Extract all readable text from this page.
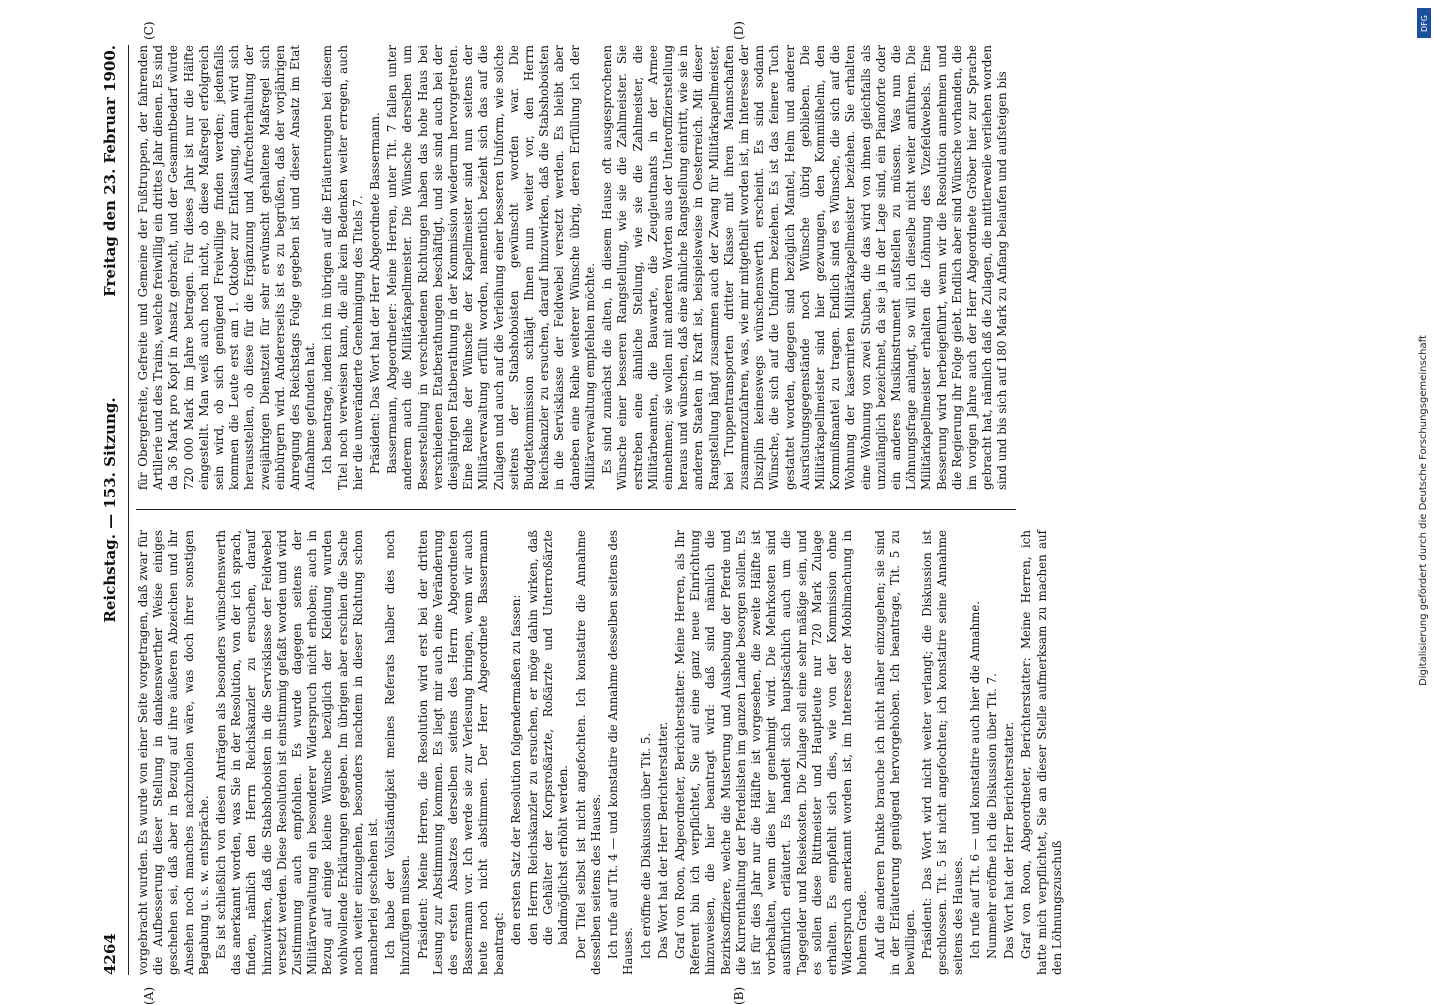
4264
Reichstag. — 153. Sitzung.
Freitag den 23. Februar 1900.

vorgebracht wurden. Es wurde von einer Seite vorgetragen, daß zwar für die Aufbesserung dieser Stellung in dankenswerther Weise einiges geschehen sei, daß aber in Bezug auf ihre äußeren Abzeichen und ihr Ansehen noch manches nachzuholen wäre, was doch ihrer sonstigen Begabung u. s. w. entspräche. Es ist schließlich von diesen Anträgen als besonders wünschenswerth das anerkannt worden, was Sie in der Resolution, von der ich sprach, finden, nämlich den Herrn Reichskanzler zu ersuchen, darauf hinzuwirken, daß die Stabshoboisten in die Servisklasse der Feldwebel versetzt werden. Diese Resolution ist einstimmig gefaßt worden und wird Zustimmung auch empfohlen. Es wurde dagegen seitens der Militärverwaltung ein besonderer Widerspruch nicht erhoben; auch in Bezug auf einige kleine Wünsche bezüglich der Kleidung wurden wohlwollende Erklärungen gegeben. Im übrigen aber erschien die Sache noch weiter einzugehen, besonders nachdem in dieser Richtung schon mancherlei geschehen ist. Ich habe der Vollständigkeit meines Referats halber dies noch hinzufügen müssen. Präsident: Meine Herren, die Resolution wird erst bei der dritten Lesung zur Abstimmung kommen. Es liegt mir auch eine Veränderung des ersten Absatzes derselben seitens des Herrn Abgeordneten Bassermann vor. Ich werde sie zur Verlesung bringen, wenn wir auch heute noch nicht abstimmen. Der Herr Abgeordnete Bassermann beantragt: den ersten Satz der Resolution folgendermaßen zu fassen: den Herrn Reichskanzler zu ersuchen, er möge dahin wirken, daß die Gehälter der Korpsroßärzte, Roßärzte und Unterroßärzte baldmöglichst erhöht werden. Der Titel selbst ist nicht angefochten. Ich konstatire die Annahme desselben seitens des Hauses. Ich rufe auf Tit. 4 — und konstatire die Annahme desselben seitens des Hauses. Ich eröffne die Diskussion über Tit. 5. Das Wort hat der Herr Berichterstatter. Graf von Roon, Abgeordneter, Berichterstatter: Meine Herren, als Ihr Referent bin ich verpflichtet, Sie auf eine ganz neue Einrichtung hinzuweisen, die hier beantragt wird: daß sind nämlich die Bezirksoffiziere, welche die Musterung und Aushebung der Pferde und die Kurrenthaltung der Pferdelisten im ganzen Lande besorgen sollen. Es ist für dies Jahr nur die Hälfte ist vorgesehen, die zweite Hälfte ist vorbehalten, wenn dies hier genehmigt wird. Die Mehrkosten sind ausführlich erläutert. Es handelt sich hauptsächlich auch um die Tagegelder und Reisekosten. Die Zulage soll eine sehr mäßige sein, und es sollen diese Rittmeister und Hauptleute nur 720 Mark Zulage erhalten. Es empfiehlt sich dies, wie von der Kommission ohne Widerspruch anerkannt worden ist, im Interesse der Mobilmachung in hohem Grade. Auf die anderen Punkte brauche ich nicht näher einzugehen; sie sind in der Erläuterung genügend hervorgehoben. Ich beantrage, Tit. 5 zu bewilligen. Präsident: Das Wort wird nicht weiter verlangt; die Diskussion ist geschlossen. Tit. 5 ist nicht angefochten; ich konstatire seine Annahme seitens des Hauses. Ich rufe auf Tit. 6 — und konstatire auch hier die Annahme. Nunmehr eröffne ich die Diskussion über Tit. 7. Das Wort hat der Herr Berichterstatter. Graf von Roon, Abgeordneter, Berichterstatter: Meine Herren, ich hatte mich verpflichtet, Sie an dieser Stelle aufmerksam zu machen auf den Löhnungszuschuß

für Obergefreite, Gefreite und Gemeine der Fußtruppen, der fahrenden Artillerie und des Trains, welche freiwillig ein drittes Jahr dienen. Es sind da 36 Mark pro Kopf in Ansatz gebracht, und der Gesammtbedarf würde 720 000 Mark im Jahre betragen. Für dieses Jahr ist nur die Hälfte eingestellt. Man weiß auch noch nicht, ob diese Maßregel erfolgreich sein wird, ob sich genügend Freiwillige finden werden; jedenfalls kommen die Leute erst am 1. Oktober zur Entlassung, dann wird sich herausstellen, ob diese für die Ergänzung und Aufrechterhaltung der zweijährigen Dienstzeit für sehr erwünscht gehaltene Maßregel sich einbürgern wird. Andererseits ist es zu begrüßen, daß der vorjährigen Anregung des Reichstags Folge gegeben ist und dieser Ansatz im Etat Aufnahme gefunden hat. Ich beantrage, indem ich im übrigen auf die Erläuterungen bei diesem Titel noch verweisen kann, die alle kein Bedenken weiter erregen, auch hier die unveränderte Genehmigung des Titels 7. Präsident: Das Wort hat der Herr Abgeordnete Bassermann. Bassermann, Abgeordneter: Meine Herren, unter Tit. 7 fallen unter anderem auch die Militärkapellmeister. Die Wünsche derselben um Besserstellung in verschiedenen Richtungen haben das hohe Haus bei verschiedenen Etatberathungen beschäftigt, und sie sind auch bei der diesjährigen Etatberathung in der Kommission wiederum hervorgetreten. Eine Reihe der Wünsche der Kapellmeister sind nun seitens der Militärverwaltung erfüllt worden, namentlich bezieht sich das auf die Zulagen und auch auf die Verleihung einer besseren Uniform, wie solche seitens der Stabshoboisten gewünscht worden war. Die Budgetkommission schlägt Ihnen nun weiter vor, den Herrn Reichskanzler zu ersuchen, darauf hinzuwirken, daß die Stabshoboisten in die Servisklasse der Feldwebel versetzt werden. Es bleibt aber daneben eine Reihe weiterer Wünsche übrig, deren Erfüllung ich der Militärverwaltung empfehlen möchte. Es sind zunächst die alten, in diesem Hause oft ausgesprochenen Wünsche einer besseren Rangstellung, wie sie die Zahlmeister. Sie erstreben eine ähnliche Stellung, wie sie die Zahlmeister, die Militärbeamten, die Bauwarte, die Zeugleutnants in der Armee einnehmen; sie wollen mit anderen Worten aus der Unteroffizierstellung heraus und wünschen, daß eine ähnliche Rangstellung eintritt, wie sie in anderen Staaten in Kraft ist, beispielsweise in Oesterreich. Mit dieser Rangstellung hängt zusammen auch der Zwang für Militärkapellmeister, bei Truppentransporten dritter Klasse mit ihren Mannschaften zusammenzufahren, was, wie mir mitgetheilt worden ist, im Interesse der Disziplin keineswegs wünschenswerth erscheint. Es sind sodann Wünsche, die sich auf die Uniform beziehen. Es ist das feinere Tuch gestattet worden, dagegen sind bezüglich Mantel, Helm und anderer Ausrüstungsgegenstände noch Wünsche übrig geblieben. Die Militärkapellmeister sind hier gezwungen, den Kommißhelm, den Kommißmantel zu tragen. Endlich sind es Wünsche, die sich auf die Wohnung der kasernirten Militärkapellmeister beziehen. Sie erhalten eine Wohnung von zwei Stuben, die das wird von ihnen gleichfalls als unzulänglich bezeichnet, da sie ja in der Lage sind, ein Pianoforte oder ein anderes Musikinstrument aufstellen zu müssen. Was nun die Löhnungsfrage anlangt, so will ich dieselbe nicht weiter anführen. Die Militärkapellmeister erhalten die Löhnung des Vizefeldwebels. Eine Besserung wird herbeigeführt, wenn wir die Resolution annehmen und die Regierung ihr Folge giebt. Endlich aber sind Wünsche vorhanden, die im vorigen Jahre auch der Herr Abgeordnete Gröber hier zur Sprache gebracht hat, nämlich daß die Zulagen, die mittlerweile verliehen worden sind und bis sich auf 180 Mark zu Anfang belaufen und aufsteigen bis

(A)	(B)
(C)	(D)	DFG
Digitalisierung gefördert durch die Deutsche Forschungsgemeinschaft
